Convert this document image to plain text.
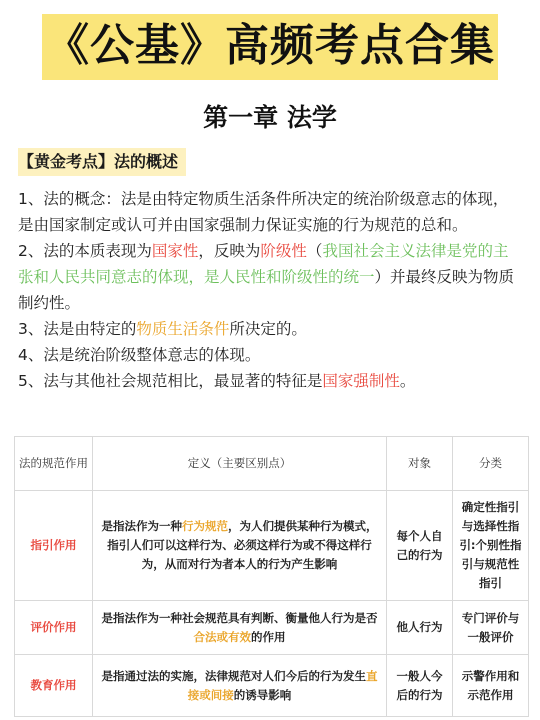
《公基》高频考点合集
第一章 法学
【黄金考点】法的概述

1、法的概念：法是由特定物质生活条件所决定的统治阶级意志的体现，是由国家制定或认可并由国家强制力保证实施的行为规范的总和。

2、法的本质表现为国家性，反映为阶级性（我国社会主义法律是党的主张和人民共同意志的体现，是人民性和阶级性的统一）并最终反映为物质制约性。

3、法是由特定的物质生活条件所决定的。

4、法是统治阶级整体意志的体现。

5、法与其他社会规范相比，最显著的特征是国家强制性。

法的规范作用	定义（主要区别点）	对象	分类
指引作用	是指法作为一种行为规范，为人们提供某种行为模式，指引人们可以这样行为、必须这样行为或不得这样行为，从而对行为者本人的行为产生影响	每个人自己的行为	确定性指引与选择性指引:个别性指引与规范性指引
评价作用	是指法作为一种社会规范具有判断、衡量他人行为是否合法或有效的作用	他人行为	专门评价与一般评价
教育作用	是指通过法的实施，法律规范对人们今后的行为发生直接或间接的诱导影响	一般人今后的行为	示警作用和示范作用
